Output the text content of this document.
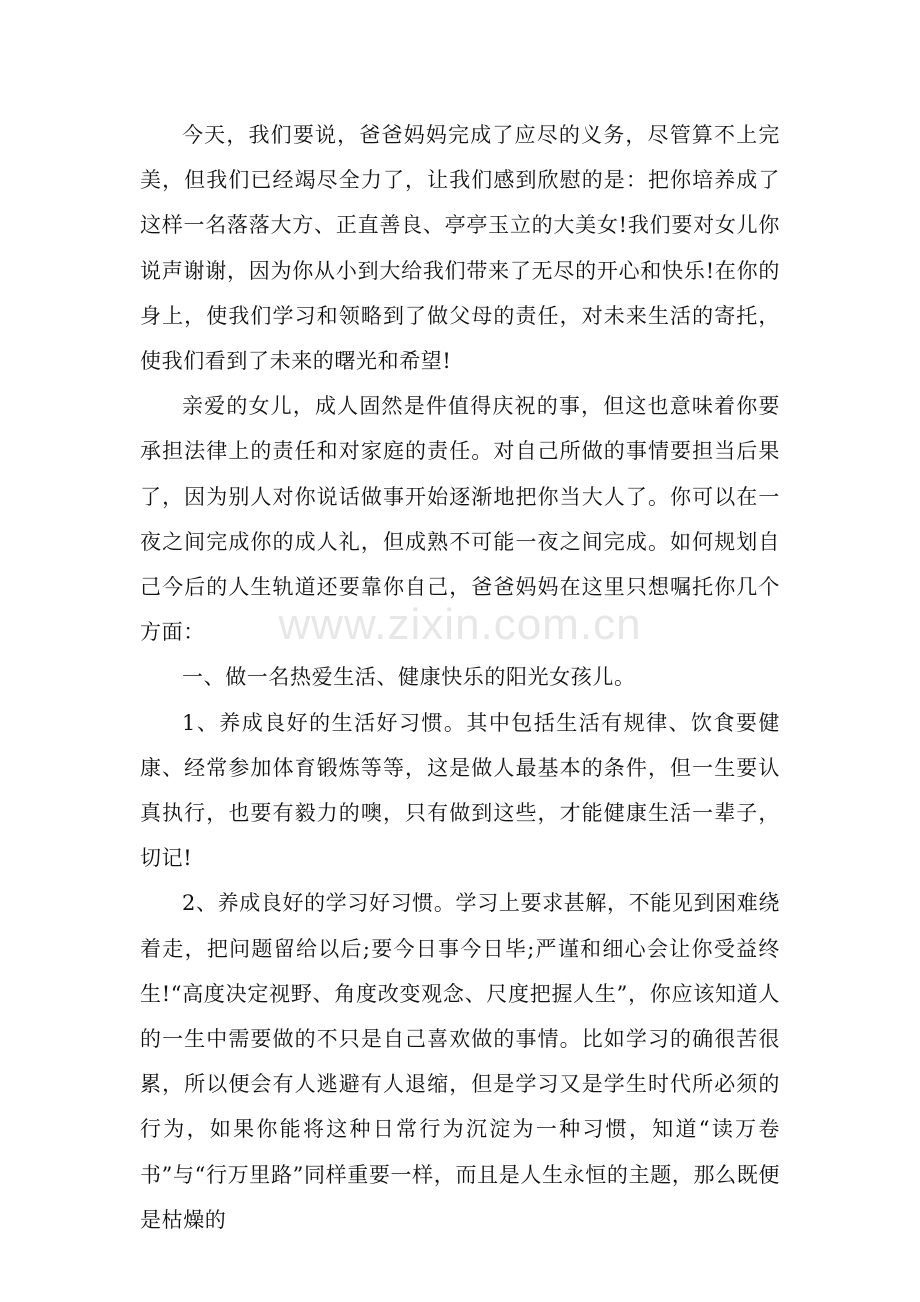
今天，我们要说，爸爸妈妈完成了应尽的义务，尽管算不上完美，但我们已经竭尽全力了，让我们感到欣慰的是：把你培养成了这样一名落落大方、正直善良、亭亭玉立的大美女!我们要对女儿你说声谢谢，因为你从小到大给我们带来了无尽的开心和快乐!在你的身上，使我们学习和领略到了做父母的责任，对未来生活的寄托，使我们看到了未来的曙光和希望!

亲爱的女儿，成人固然是件值得庆祝的事，但这也意味着你要承担法律上的责任和对家庭的责任。对自己所做的事情要担当后果了，因为别人对你说话做事开始逐渐地把你当大人了。你可以在一夜之间完成你的成人礼，但成熟不可能一夜之间完成。如何规划自己今后的人生轨道还要靠你自己，爸爸妈妈在这里只想嘱托你几个方面：

一、做一名热爱生活、健康快乐的阳光女孩儿。

1、养成良好的生活好习惯。其中包括生活有规律、饮食要健康、经常参加体育锻炼等等，这是做人最基本的条件，但一生要认真执行，也要有毅力的噢，只有做到这些，才能健康生活一辈子，切记!

2、养成良好的学习好习惯。学习上要求甚解，不能见到困难绕着走，把问题留给以后;要今日事今日毕;严谨和细心会让你受益终生!“高度决定视野、角度改变观念、尺度把握人生”，你应该知道人的一生中需要做的不只是自己喜欢做的事情。比如学习的确很苦很累，所以便会有人逃避有人退缩，但是学习又是学生时代所必须的行为，如果你能将这种日常行为沉淀为一种习惯，知道“读万卷书”与“行万里路”同样重要一样，而且是人生永恒的主题，那么既便是枯燥的

www.zixin.com.cn
